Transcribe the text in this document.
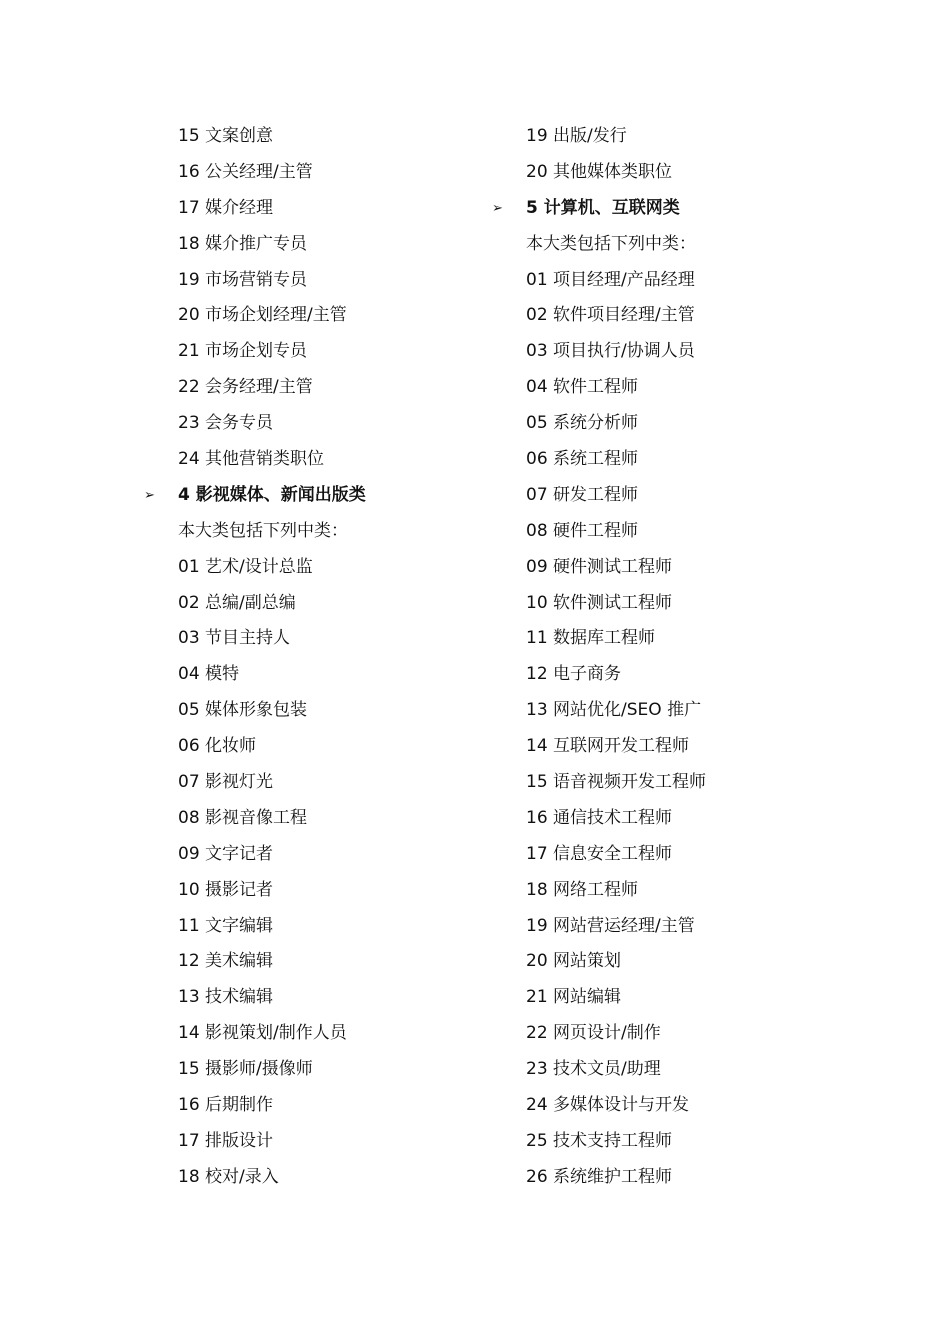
15 文案创意
16 公关经理/主管
17 媒介经理
18 媒介推广专员
19 市场营销专员
20 市场企划经理/主管
21 市场企划专员
22 会务经理/主管
23 会务专员
24 其他营销类职位
➢ 4 影视媒体、新闻出版类
本大类包括下列中类：
01 艺术/设计总监
02 总编/副总编
03 节目主持人
04 模特
05 媒体形象包装
06 化妆师
07 影视灯光
08 影视音像工程
09 文字记者
10 摄影记者
11 文字编辑
12 美术编辑
13 技术编辑
14 影视策划/制作人员
15 摄影师/摄像师
16 后期制作
17 排版设计
18 校对/录入
19 出版/发行
20 其他媒体类职位
➢ 5 计算机、互联网类
本大类包括下列中类：
01 项目经理/产品经理
02 软件项目经理/主管
03 项目执行/协调人员
04 软件工程师
05 系统分析师
06 系统工程师
07 研发工程师
08 硬件工程师
09 硬件测试工程师
10 软件测试工程师
11 数据库工程师
12 电子商务
13 网站优化/SEO 推广
14 互联网开发工程师
15 语音视频开发工程师
16 通信技术工程师
17 信息安全工程师
18 网络工程师
19 网站营运经理/主管
20 网站策划
21 网站编辑
22 网页设计/制作
23 技术文员/助理
24 多媒体设计与开发
25 技术支持工程师
26 系统维护工程师
